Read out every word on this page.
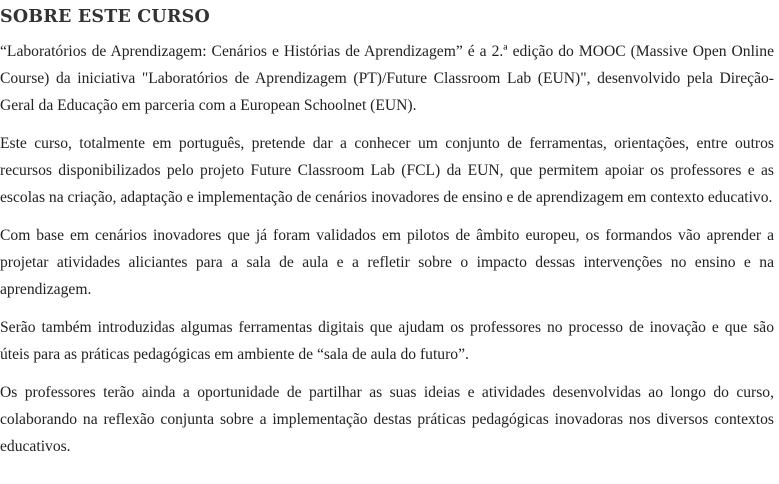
SOBRE ESTE CURSO

“Laboratórios de Aprendizagem: Cenários e Histórias de Aprendizagem” é a 2.ª edição do MOOC (Massive Open Online Course) da iniciativa "Laboratórios de Aprendizagem (PT)/Future Classroom Lab (EUN)", desenvolvido pela Direção-Geral da Educação em parceria com a European Schoolnet (EUN).

Este curso, totalmente em português, pretende dar a conhecer um conjunto de ferramentas, orientações, entre outros recursos disponibilizados pelo projeto Future Classroom Lab (FCL) da EUN, que permitem apoiar os professores e as escolas na criação, adaptação e implementação de cenários inovadores de ensino e de aprendizagem em contexto educativo.

Com base em cenários inovadores que já foram validados em pilotos de âmbito europeu, os formandos vão aprender a projetar atividades aliciantes para a sala de aula e a refletir sobre o impacto dessas intervenções no ensino e na aprendizagem.

Serão também introduzidas algumas ferramentas digitais que ajudam os professores no processo de inovação e que são úteis para as práticas pedagógicas em ambiente de “sala de aula do futuro”.

Os professores terão ainda a oportunidade de partilhar as suas ideias e atividades desenvolvidas ao longo do curso, colaborando na reflexão conjunta sobre a implementação destas práticas pedagógicas inovadoras nos diversos contextos educativos.
